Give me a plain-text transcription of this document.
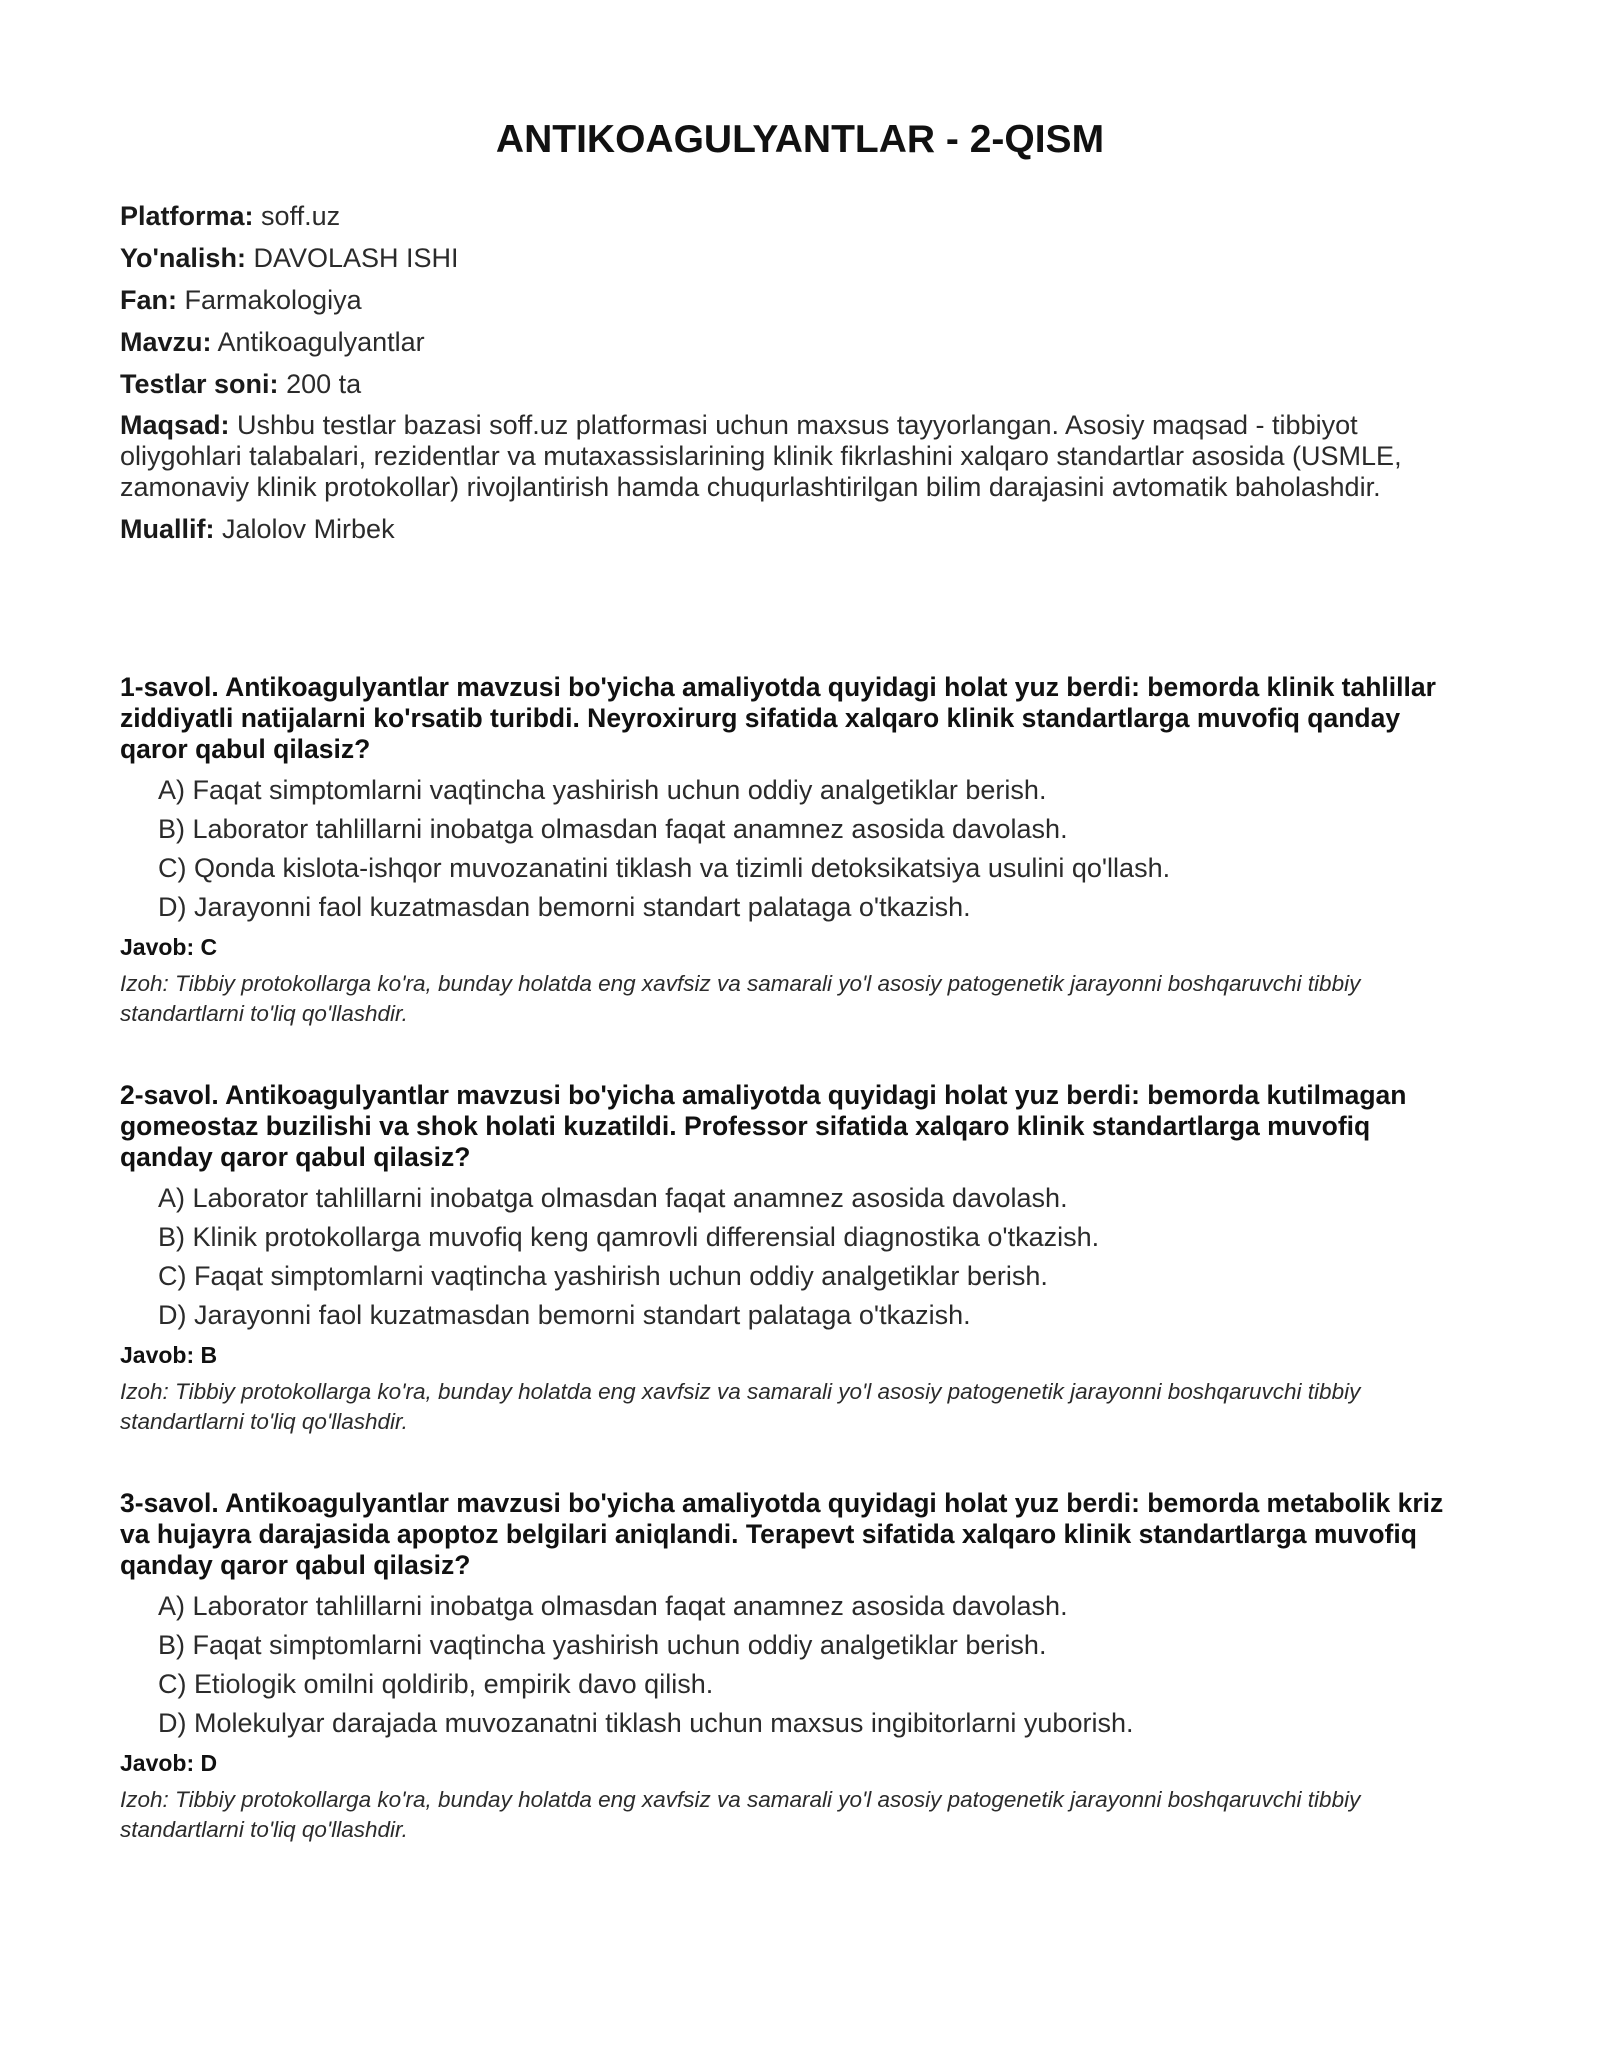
ANTIKOAGULYANTLAR - 2-QISM

Platforma: soff.uz

Yo'nalish: DAVOLASH ISHI

Fan: Farmakologiya

Mavzu: Antikoagulyantlar

Testlar soni: 200 ta

Maqsad: Ushbu testlar bazasi soff.uz platformasi uchun maxsus tayyorlangan. Asosiy maqsad - tibbiyot oliygohlari talabalari, rezidentlar va mutaxassislarining klinik fikrlashini xalqaro standartlar asosida (USMLE, zamonaviy klinik protokollar) rivojlantirish hamda chuqurlashtirilgan bilim darajasini avtomatik baholashdir.

Muallif: Jalolov Mirbek

1-savol. Antikoagulyantlar mavzusi bo'yicha amaliyotda quyidagi holat yuz berdi: bemorda klinik tahlillar ziddiyatli natijalarni ko'rsatib turibdi. Neyroxirurg sifatida xalqaro klinik standartlarga muvofiq qanday qaror qabul qilasiz?

A) Faqat simptomlarni vaqtincha yashirish uchun oddiy analgetiklar berish.
B) Laborator tahlillarni inobatga olmasdan faqat anamnez asosida davolash.
C) Qonda kislota-ishqor muvozanatini tiklash va tizimli detoksikatsiya usulini qo'llash.
D) Jarayonni faol kuzatmasdan bemorni standart palataga o'tkazish.

Javob: C

Izoh: Tibbiy protokollarga ko'ra, bunday holatda eng xavfsiz va samarali yo'l asosiy patogenetik jarayonni boshqaruvchi tibbiy standartlarni to'liq qo'llashdir.

2-savol. Antikoagulyantlar mavzusi bo'yicha amaliyotda quyidagi holat yuz berdi: bemorda kutilmagan gomeostaz buzilishi va shok holati kuzatildi. Professor sifatida xalqaro klinik standartlarga muvofiq qanday qaror qabul qilasiz?

A) Laborator tahlillarni inobatga olmasdan faqat anamnez asosida davolash.
B) Klinik protokollarga muvofiq keng qamrovli differensial diagnostika o'tkazish.
C) Faqat simptomlarni vaqtincha yashirish uchun oddiy analgetiklar berish.
D) Jarayonni faol kuzatmasdan bemorni standart palataga o'tkazish.

Javob: B

Izoh: Tibbiy protokollarga ko'ra, bunday holatda eng xavfsiz va samarali yo'l asosiy patogenetik jarayonni boshqaruvchi tibbiy standartlarni to'liq qo'llashdir.

3-savol. Antikoagulyantlar mavzusi bo'yicha amaliyotda quyidagi holat yuz berdi: bemorda metabolik kriz va hujayra darajasida apoptoz belgilari aniqlandi. Terapevt sifatida xalqaro klinik standartlarga muvofiq qanday qaror qabul qilasiz?

A) Laborator tahlillarni inobatga olmasdan faqat anamnez asosida davolash.
B) Faqat simptomlarni vaqtincha yashirish uchun oddiy analgetiklar berish.
C) Etiologik omilni qoldirib, empirik davo qilish.
D) Molekulyar darajada muvozanatni tiklash uchun maxsus ingibitorlarni yuborish.

Javob: D

Izoh: Tibbiy protokollarga ko'ra, bunday holatda eng xavfsiz va samarali yo'l asosiy patogenetik jarayonni boshqaruvchi tibbiy standartlarni to'liq qo'llashdir.
